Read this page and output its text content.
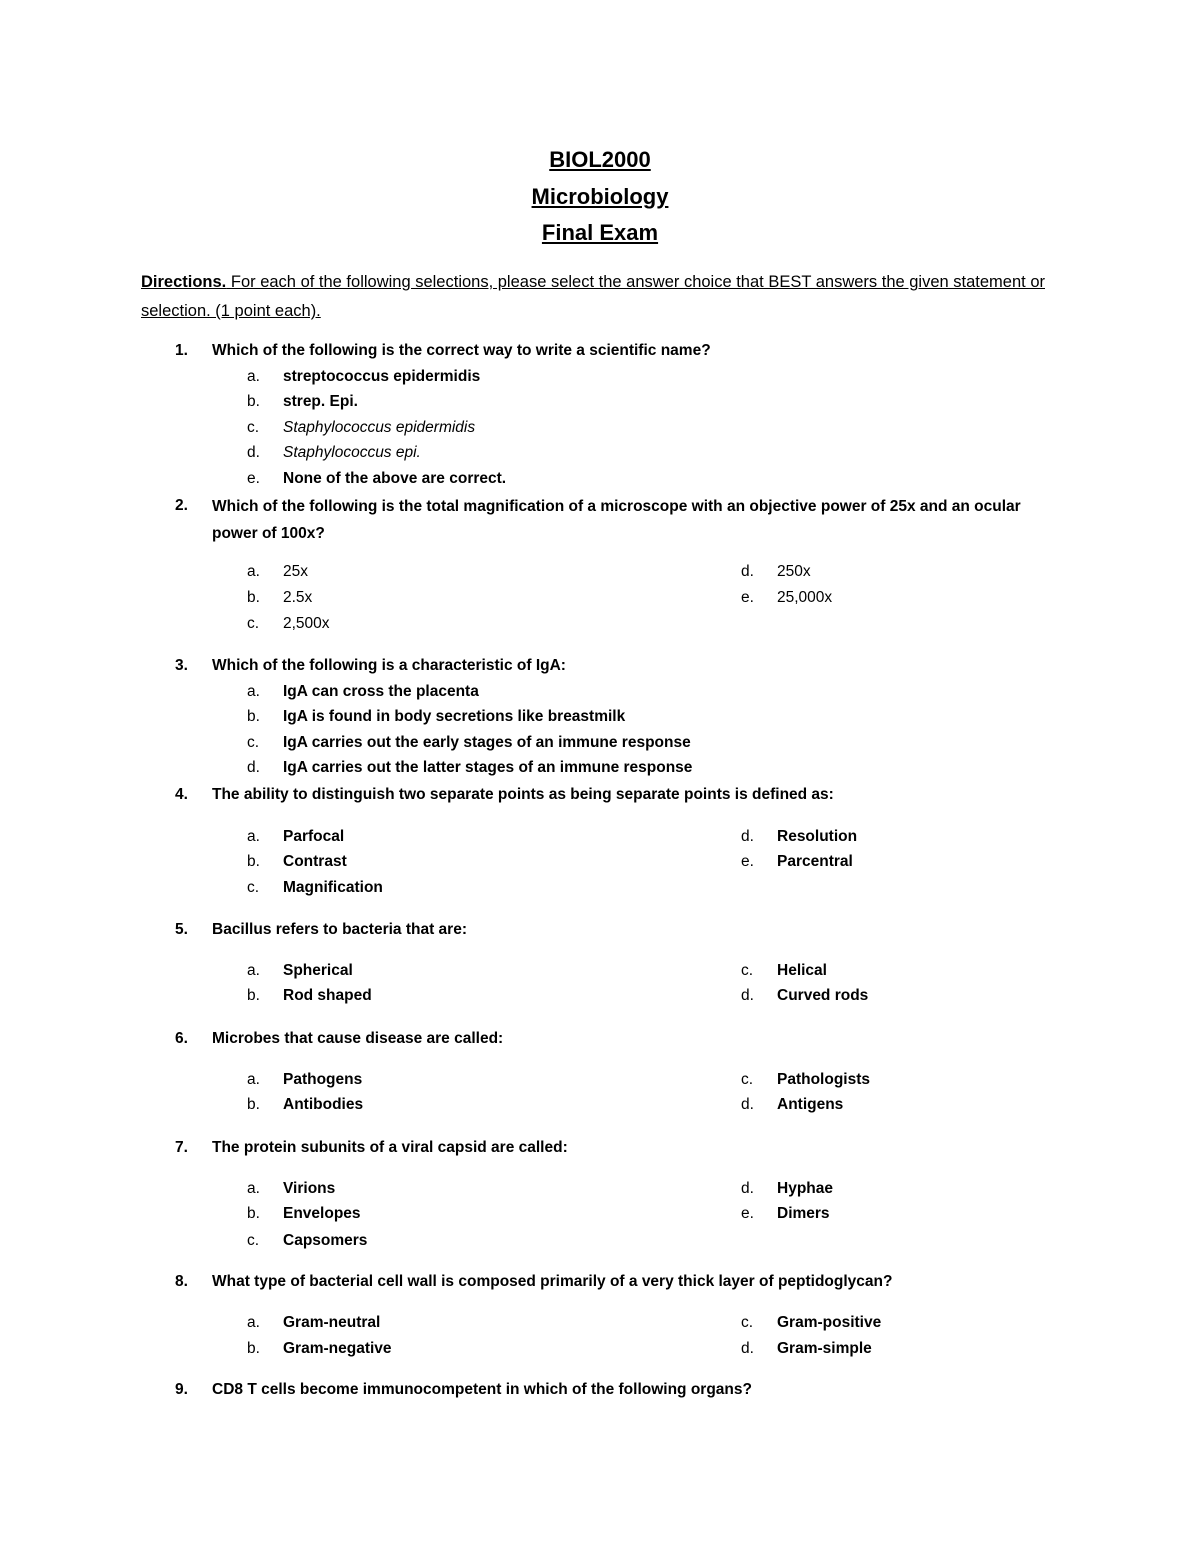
BIOL2000
Microbiology
Final Exam
Directions. For each of the following selections, please select the answer choice that BEST answers the given statement or selection. (1 point each).
1. Which of the following is the correct way to write a scientific name?
a. streptococcus epidermidis
b. strep. Epi.
c. Staphylococcus epidermidis
d. Staphylococcus epi.
e. None of the above are correct.
2. Which of the following is the total magnification of a microscope with an objective power of 25x and an ocular power of 100x?
a. 25x
b. 2.5x
c. 2,500x
d. 250x
e. 25,000x
3. Which of the following is a characteristic of IgA:
a. IgA can cross the placenta
b. IgA is found in body secretions like breastmilk
c. IgA carries out the early stages of an immune response
d. IgA carries out the latter stages of an immune response
4. The ability to distinguish two separate points as being separate points is defined as:
a. Parfocal
b. Contrast
c. Magnification
d. Resolution
e. Parcentral
5. Bacillus refers to bacteria that are:
a. Spherical
b. Rod shaped
c. Helical
d. Curved rods
6. Microbes that cause disease are called:
a. Pathogens
b. Antibodies
c. Pathologists
d. Antigens
7. The protein subunits of a viral capsid are called:
a. Virions
b. Envelopes
c. Capsomers
d. Hyphae
e. Dimers
8. What type of bacterial cell wall is composed primarily of a very thick layer of peptidoglycan?
a. Gram-neutral
b. Gram-negative
c. Gram-positive
d. Gram-simple
9. CD8 T cells become immunocompetent in which of the following organs?
